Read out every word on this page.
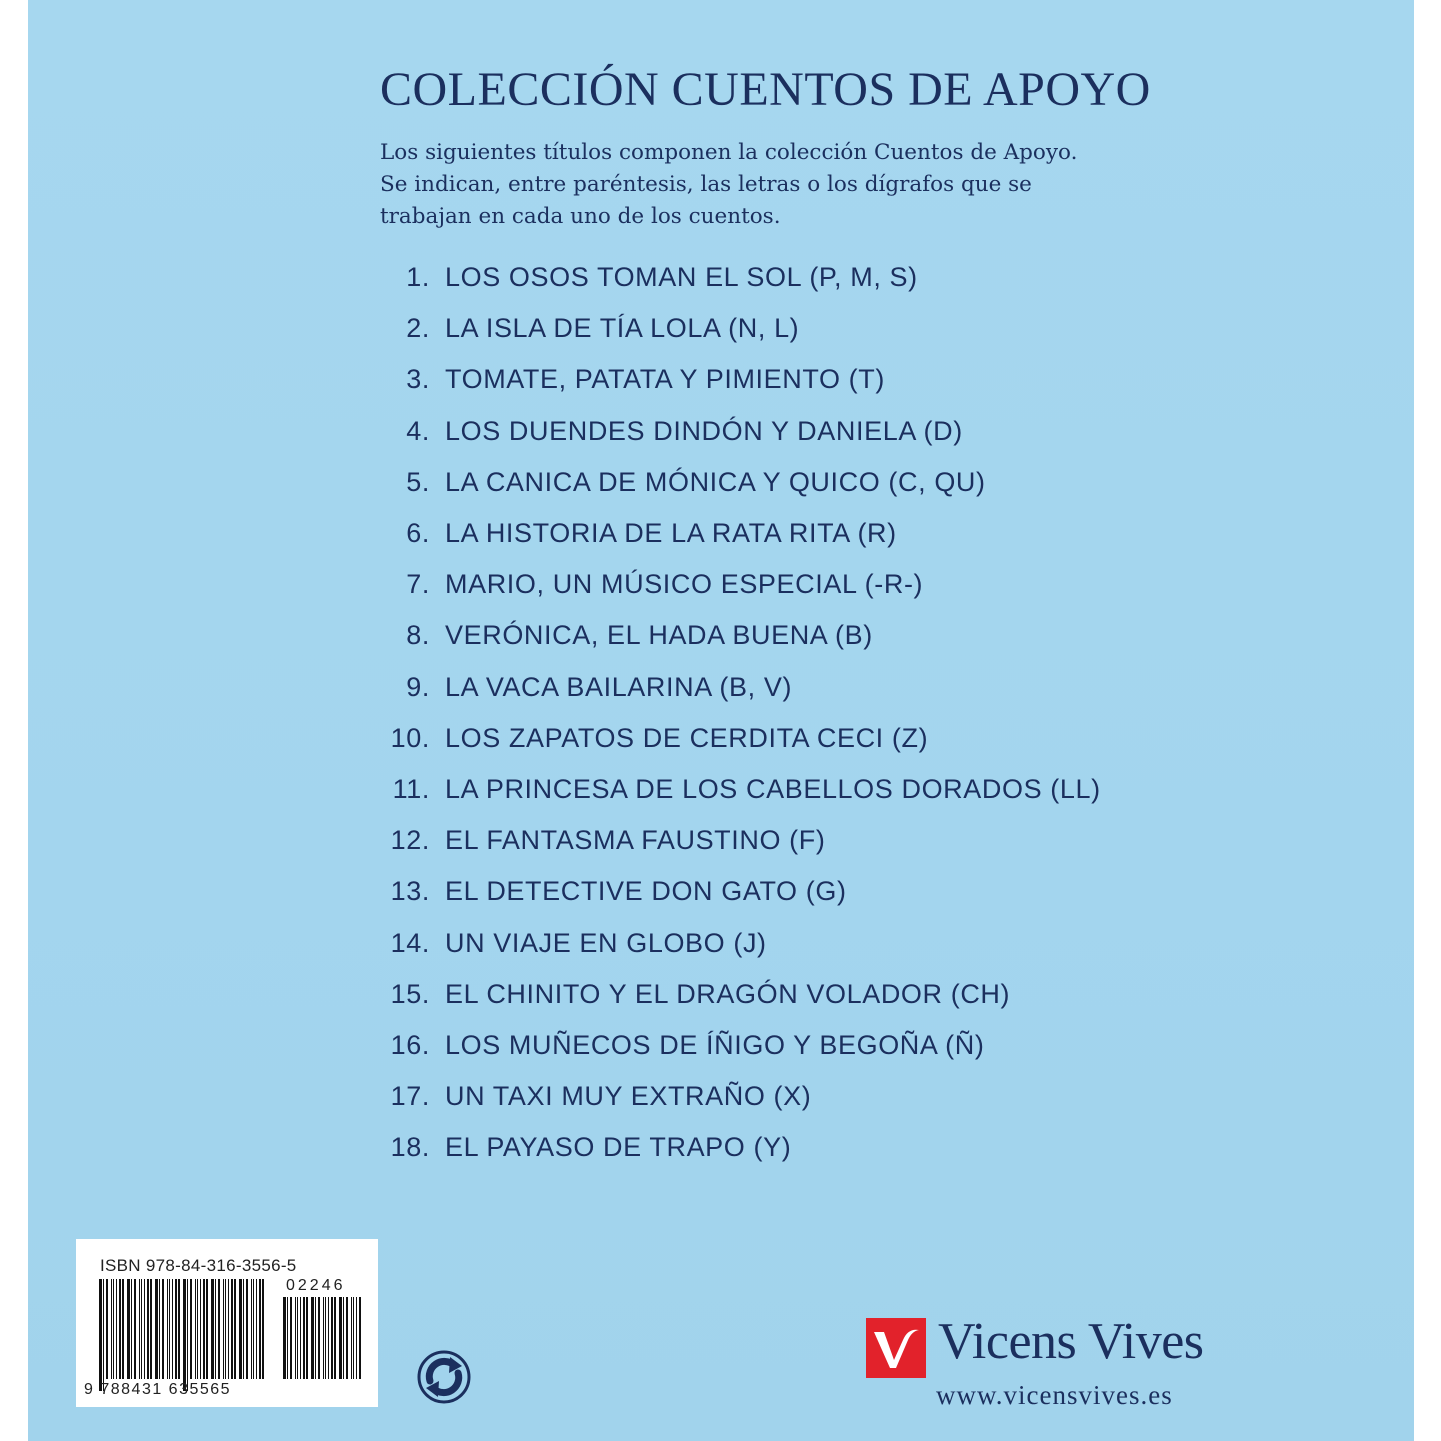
COLECCIÓN CUENTOS DE APOYO

Los siguientes títulos componen la colección Cuentos de Apoyo.
Se indican, entre paréntesis, las letras o los dígrafos que se
trabajan en cada uno de los cuentos.

1. LOS OSOS TOMAN EL SOL (P, M, S)
2. LA ISLA DE TÍA LOLA (N, L)
3. TOMATE, PATATA Y PIMIENTO (T)
4. LOS DUENDES DINDÓN Y DANIELA (D)
5. LA CANICA DE MÓNICA Y QUICO (C, QU)
6. LA HISTORIA DE LA RATA RITA (R)
7. MARIO, UN MÚSICO ESPECIAL (-R-)
8. VERÓNICA, EL HADA BUENA (B)
9. LA VACA BAILARINA (B, V)
10. LOS ZAPATOS DE CERDITA CECI (Z)
11. LA PRINCESA DE LOS CABELLOS DORADOS (LL)
12. EL FANTASMA FAUSTINO (F)
13. EL DETECTIVE DON GATO (G)
14. UN VIAJE EN GLOBO (J)
15. EL CHINITO Y EL DRAGÓN VOLADOR (CH)
16. LOS MUÑECOS DE ÍÑIGO Y BEGOÑA (Ñ)
17. UN TAXI MUY EXTRAÑO (X)
18. EL PAYASO DE TRAPO (Y)
ISBN 978-84-316-3556-5
02246
9 788431 635565
Vicens Vives
www.vicensvives.es
